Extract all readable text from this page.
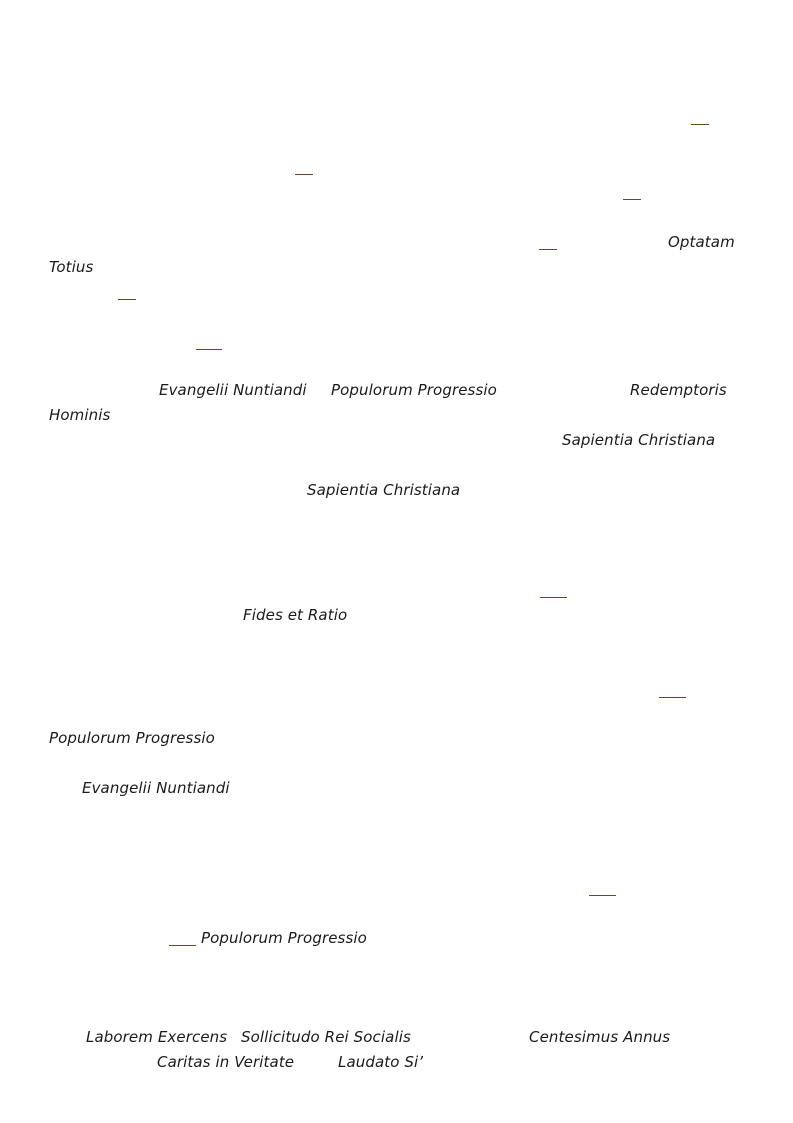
Optatam
Totius
Evangelii Nuntiandi Populorum Progressio	Redemptoris
Hominis
Sapientia Christiana
Sapientia Christiana
Fides et Ratio
Populorum Progressio
Evangelii Nuntiandi
Populorum Progressio
Laborem Exercens Sollicitudo Rei Socialis	Centesimus Annus
Caritas in Veritate	Laudato Si’
